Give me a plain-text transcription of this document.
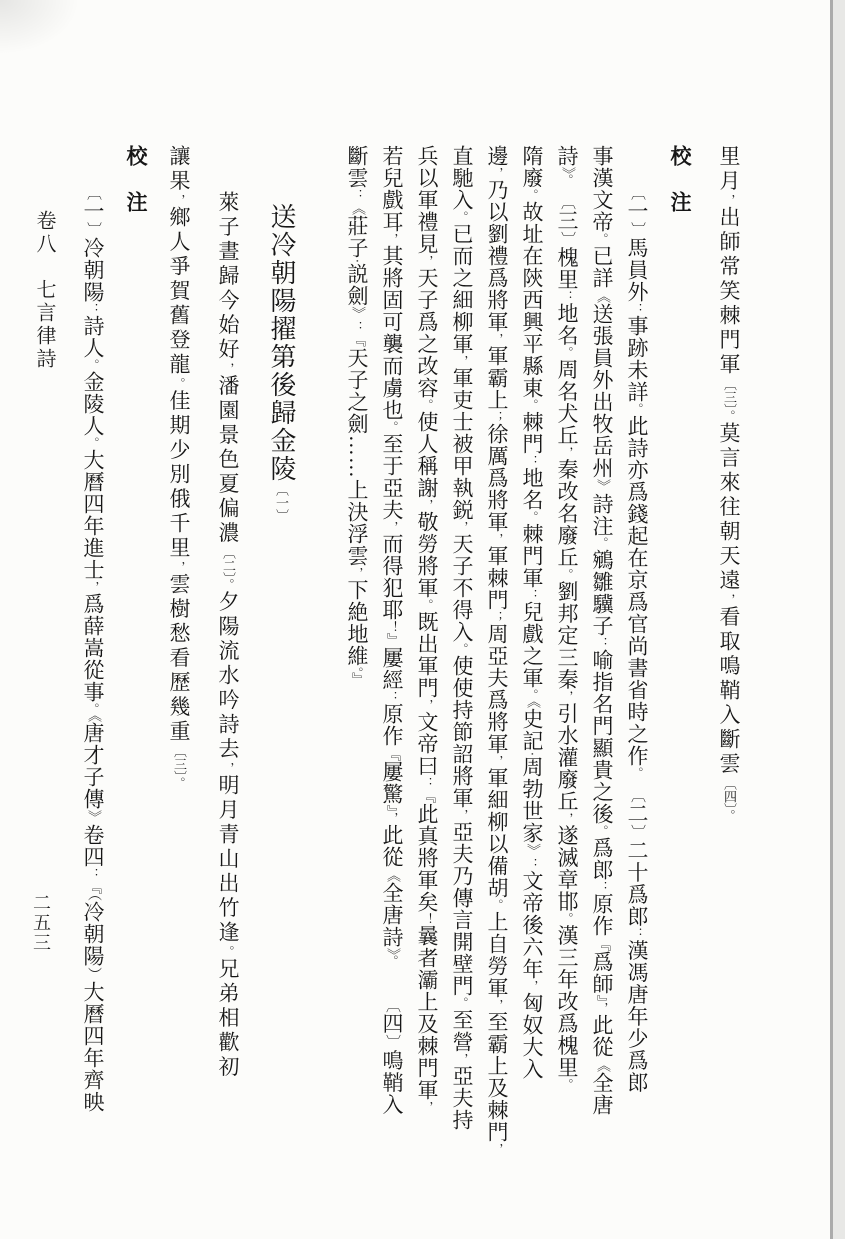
里月，出師常笑棘門軍〔三〕。莫言來往朝天遠，看取鳴鞘入斷雲〔四〕。
校　注
〔一〕馬員外：事跡未詳。此詩亦爲錢起在京爲官尚書省時之作。　〔二〕二十爲郎：漢馮唐年少爲郎
事漢文帝。已詳《送張員外出牧岳州》詩注。鵷雛驥子：喻指名門顯貴之後。爲郎：原作『爲師』，此從《全唐
詩》。　〔三〕槐里：地名。周名犬丘，秦改名廢丘。劉邦定三秦，引水灌廢丘，遂滅章邯。漢三年改爲槐里。
隋廢。故址在陝西興平縣東。棘門：地名。棘門軍：兒戲之軍。《史記‧周勃世家》：文帝後六年，匈奴大入
邊，乃以劉禮爲將軍，軍霸上；徐厲爲將軍，軍棘門；周亞夫爲將軍，軍細柳以備胡。上自勞軍，至霸上及棘門，
直馳入。已而之細柳軍，軍吏士被甲執鋭，天子不得入。使使持節詔將軍，亞夫乃傳言開壁門。至營，亞夫持
兵以軍禮見，天子爲之改容。使人稱謝，敬勞將軍。既出軍門，文帝曰：『此真將軍矣！曩者灞上及棘門軍，
若兒戲耳，其將固可襲而虜也。至于亞夫，而得犯耶！』屢經：原作『屢驚』，此從《全唐詩》。　　〔四〕鳴鞘入
斷雲：《莊子‧説劍》：『天子之劍……上決浮雲，下絶地維。』
送冷朝陽擢第後歸金陵〔一〕
萊子晝歸今始好，潘園景色夏偏濃〔二〕。夕陽流水吟詩去，明月青山出竹逢。兄弟相歡初
讓果，鄉人爭賀舊登龍。佳期少別俄千里，雲樹愁看歷幾重〔三〕。
校　注
〔一〕冷朝陽：詩人。金陵人。大曆四年進士，爲薛嵩從事。《唐才子傳》卷四：『（冷朝陽）大曆四年齊映
卷八　七言律詩
二五三
